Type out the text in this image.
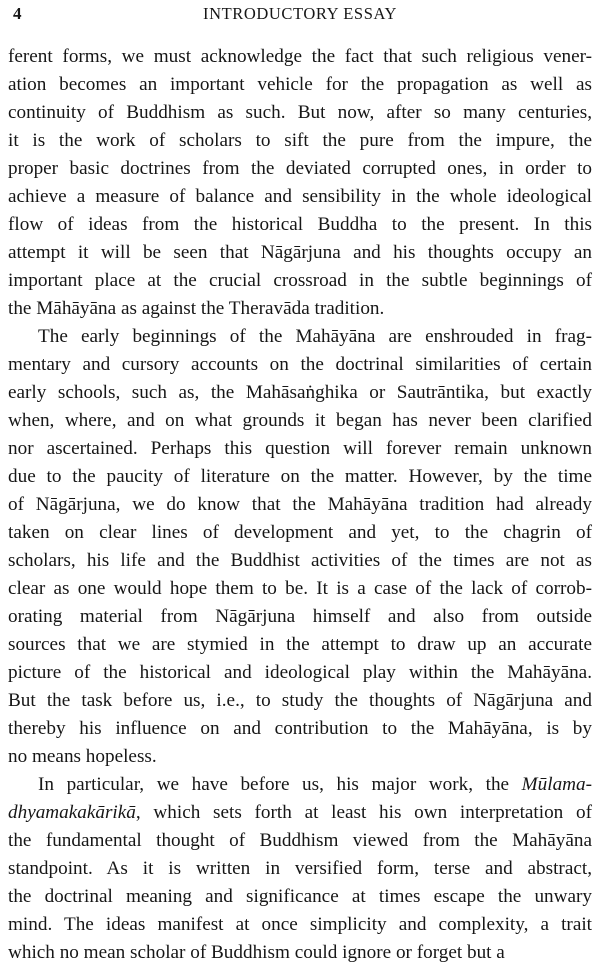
4	INTRODUCTORY ESSAY
ferent forms, we must acknowledge the fact that such religious vener-
ation becomes an important vehicle for the propagation as well as
continuity of Buddhism as such. But now, after so many centuries,
it is the work of scholars to sift the pure from the impure, the
proper basic doctrines from the deviated corrupted ones, in order to
achieve a measure of balance and sensibility in the whole ideological
flow of ideas from the historical Buddha to the present. In this
attempt it will be seen that Nāgārjuna and his thoughts occupy an
important place at the crucial crossroad in the subtle beginnings of
the Māhāyāna as against the Theravāda tradition.
The early beginnings of the Mahāyāna are enshrouded in frag-
mentary and cursory accounts on the doctrinal similarities of certain
early schools, such as, the Mahāsaṅghika or Sautrāntika, but exactly
when, where, and on what grounds it began has never been clarified
nor ascertained. Perhaps this question will forever remain unknown
due to the paucity of literature on the matter. However, by the time
of Nāgārjuna, we do know that the Mahāyāna tradition had already
taken on clear lines of development and yet, to the chagrin of
scholars, his life and the Buddhist activities of the times are not as
clear as one would hope them to be. It is a case of the lack of corrob-
orating material from Nāgārjuna himself and also from outside
sources that we are stymied in the attempt to draw up an accurate
picture of the historical and ideological play within the Mahāyāna.
But the task before us, i.e., to study the thoughts of Nāgārjuna and
thereby his influence on and contribution to the Mahāyāna, is by
no means hopeless.
In particular, we have before us, his major work, the Mūlama-
dhyamakakārikā, which sets forth at least his own interpretation of
the fundamental thought of Buddhism viewed from the Mahāyāna
standpoint. As it is written in versified form, terse and abstract,
the doctrinal meaning and significance at times escape the unwary
mind. The ideas manifest at once simplicity and complexity, a trait
which no mean scholar of Buddhism could ignore or forget but a
